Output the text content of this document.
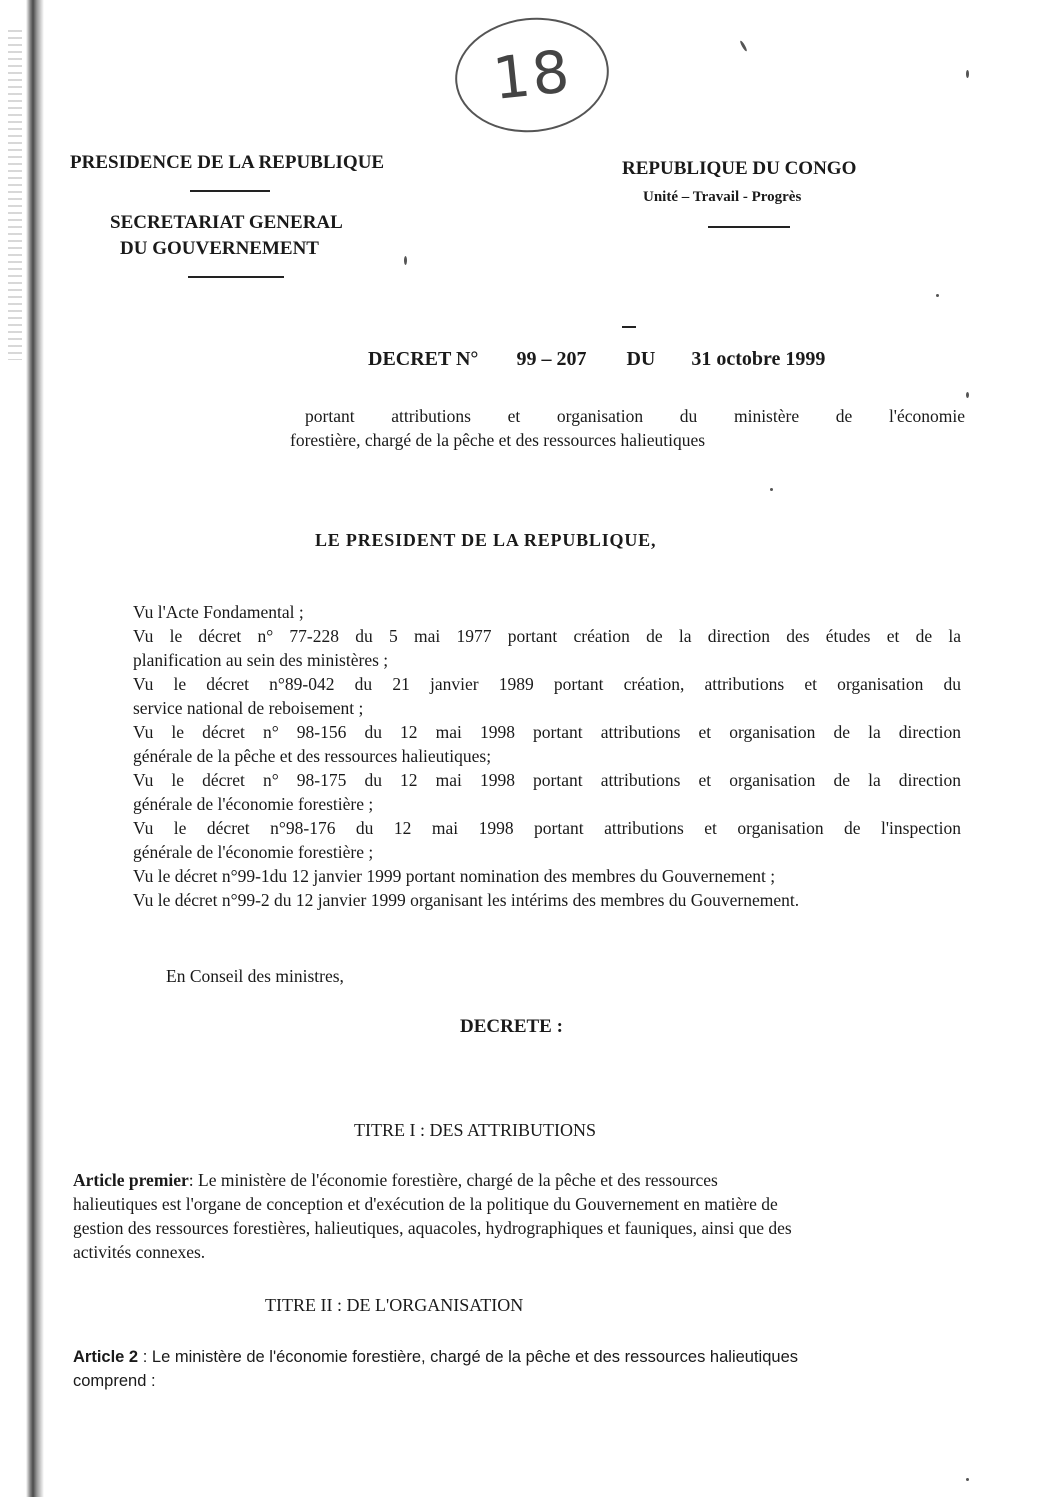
18
PRESIDENCE DE LA REPUBLIQUE
SECRETARIAT GENERAL
DU GOUVERNEMENT
REPUBLIQUE DU CONGO
Unité – Travail - Progrès
DECRET N° 99 – 207 DU 31 octobre 1999
portant attributions et organisation du ministère de l'économie
forestière, chargé de la pêche et des ressources halieutiques
LE PRESIDENT DE LA REPUBLIQUE,
Vu l'Acte Fondamental ;
Vu le décret n° 77-228 du 5 mai 1977 portant création de la direction des études et de la
planification au sein des ministères ;
Vu le décret n°89-042 du 21 janvier 1989 portant création, attributions et organisation du
service national de reboisement ;
Vu le décret n° 98-156 du 12 mai 1998 portant attributions et organisation de la direction
générale de la pêche et des ressources halieutiques;
Vu le décret n° 98-175 du 12 mai 1998 portant attributions et organisation de la direction
générale de l'économie forestière ;
Vu le décret n°98-176 du 12 mai 1998 portant attributions et organisation de l'inspection
générale de l'économie forestière ;
Vu le décret n°99-1du 12 janvier 1999 portant nomination des membres du Gouvernement ;
Vu le décret n°99-2 du 12 janvier 1999 organisant les intérims des membres du Gouvernement.
En Conseil des ministres,
DECRETE :
TITRE I : DES ATTRIBUTIONS
Article premier: Le ministère de l'économie forestière, chargé de la pêche et des ressources
halieutiques est l'organe de conception et d'exécution de la politique du Gouvernement en matière de
gestion des ressources forestières, halieutiques, aquacoles, hydrographiques et fauniques, ainsi que des
activités connexes.
TITRE II : DE L'ORGANISATION
Article 2 : Le ministère de l'économie forestière, chargé de la pêche et des ressources halieutiques
comprend :
